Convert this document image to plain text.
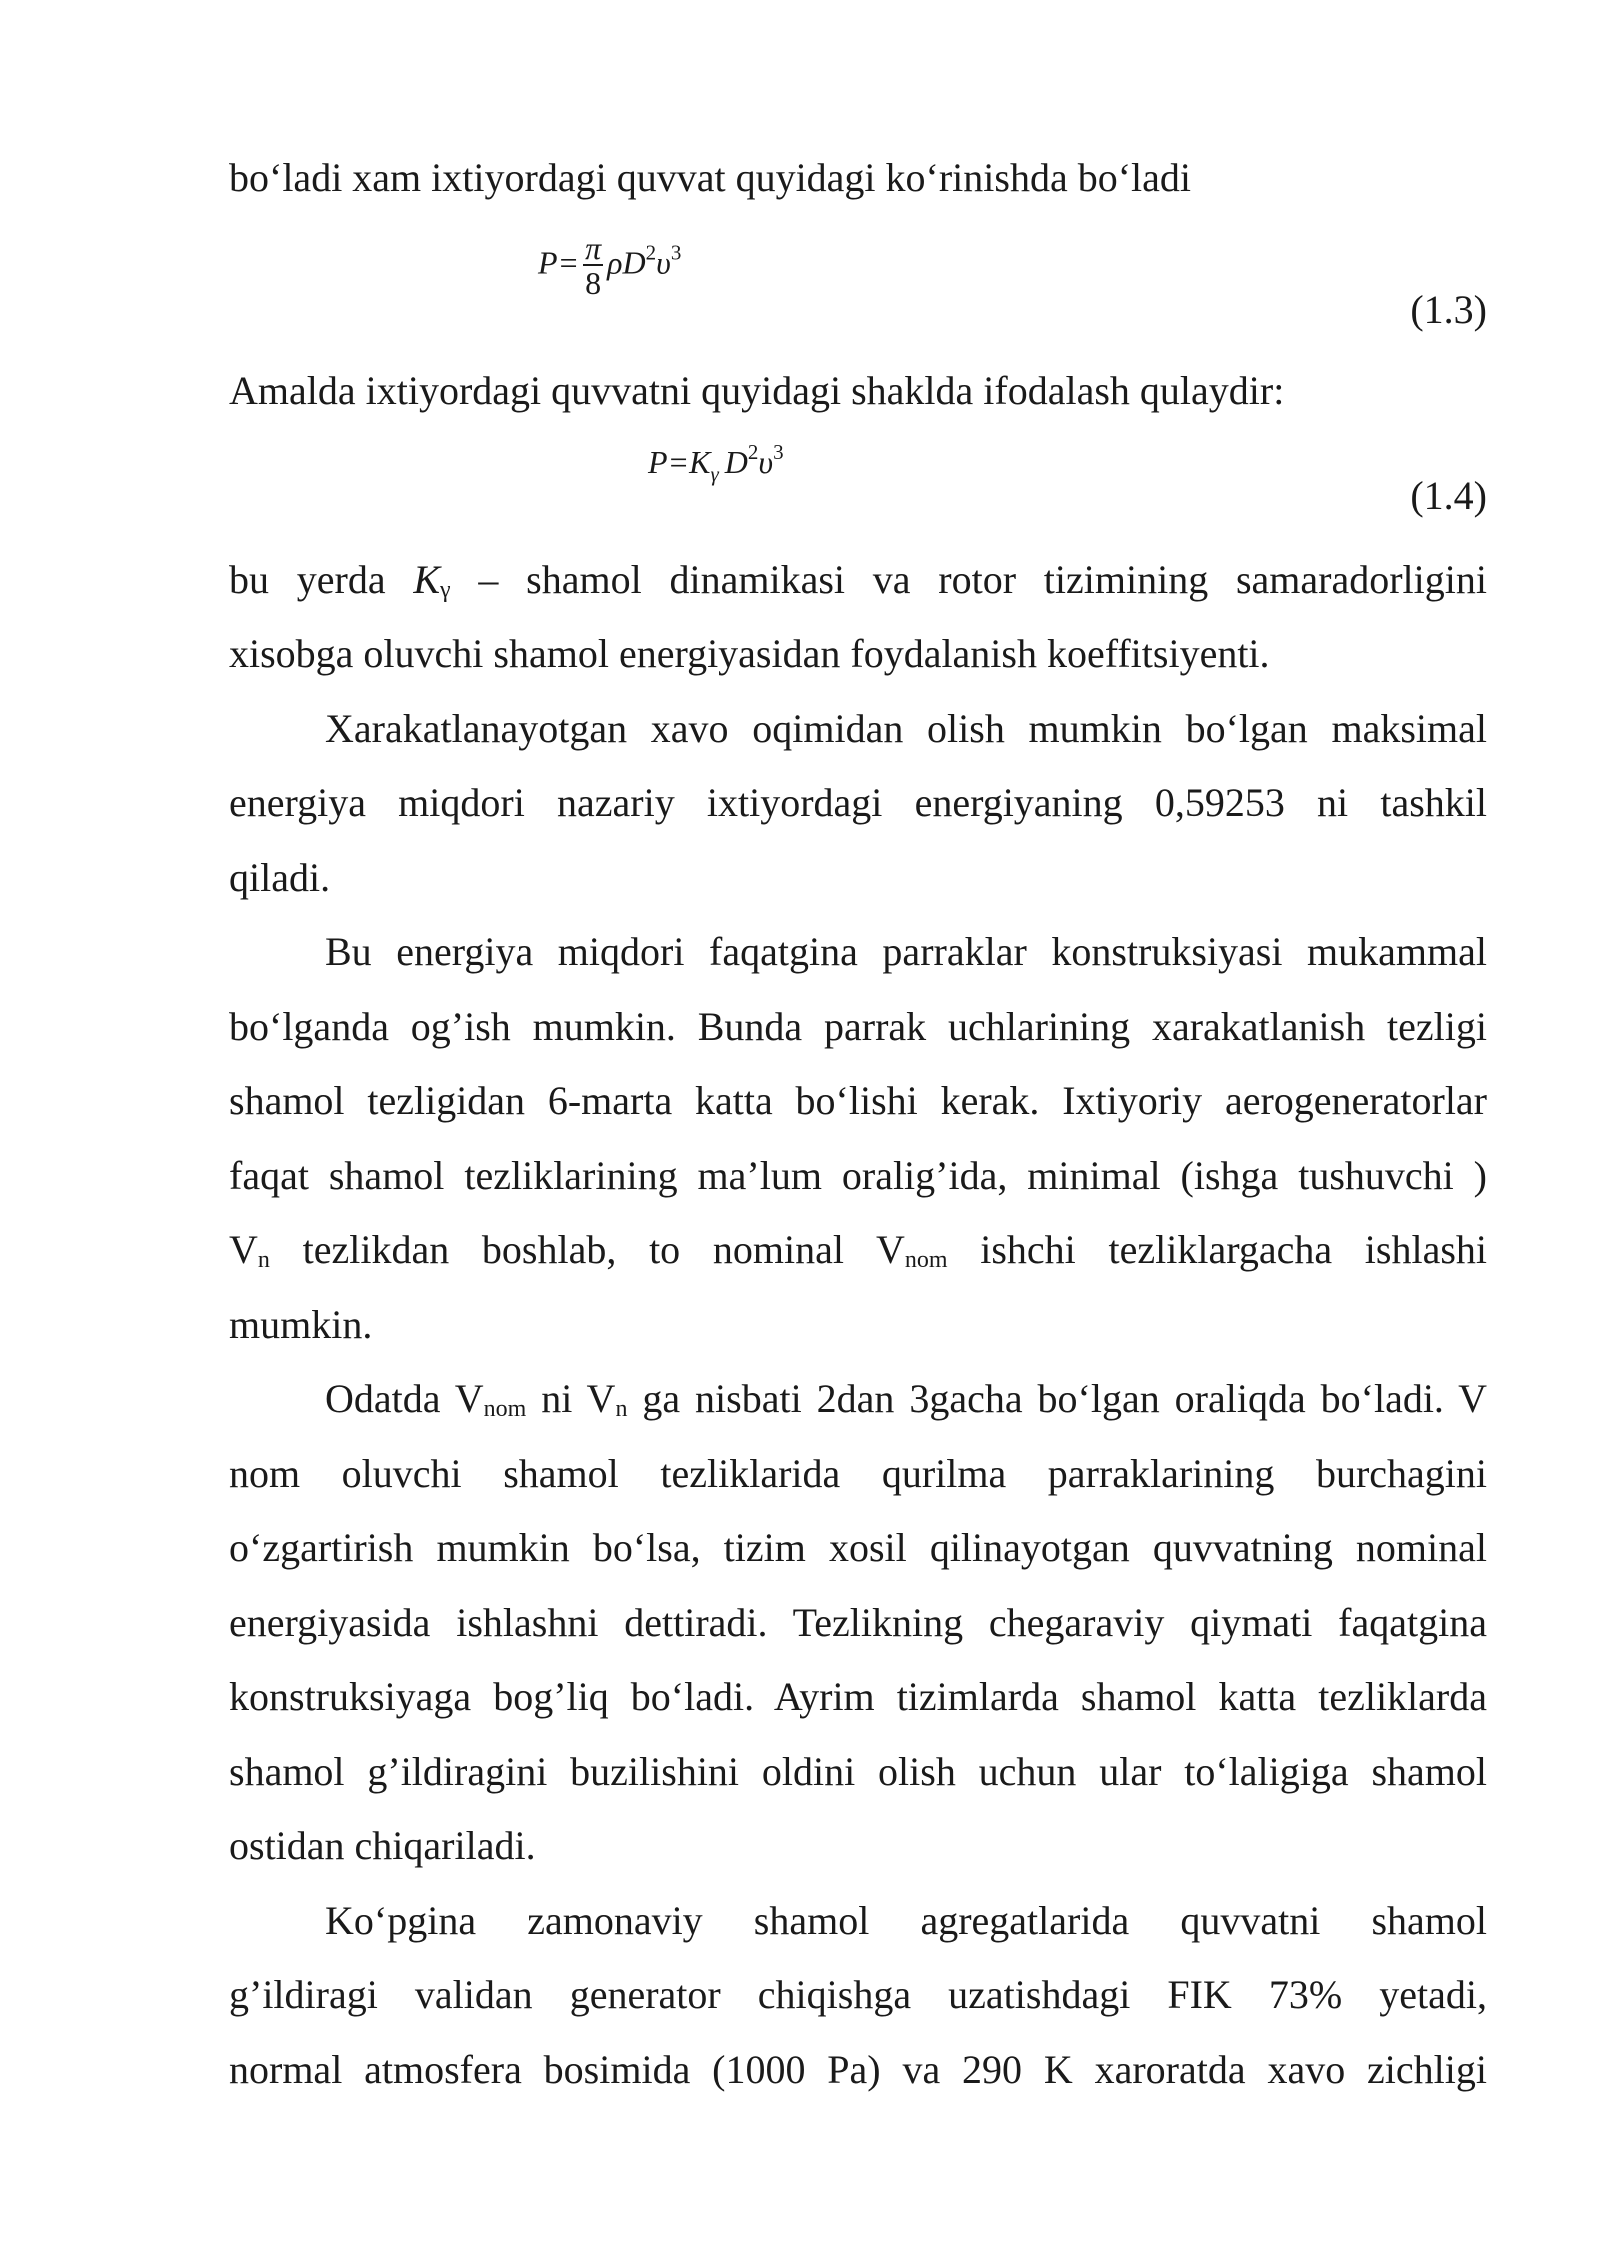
bo‘ladi xam ixtiyordagi quvvat quyidagi ko‘rinishda bo‘ladi
$P= \frac{\pi}{8} \rho D^2\upsilon^3$
(1.3)
Amalda ixtiyordagi quvvatni quyidagi shaklda ifodalash qulaydir:
$P=K_\gamma$ $D^2\upsilon^3$
(1.4)
bu yerda $K_\gamma$ – shamol dinamikasi va rotor tizimining samaradorligini
xisobga oluvchi shamol energiyasidan foydalanish koeffitsiyenti.
Xarakatlanayotgan xavo oqimidan olish mumkin bo‘lgan maksimal
energiya miqdori nazariy ixtiyordagi energiyaning 0,59253 ni tashkil
qiladi.
Bu energiya miqdori faqatgina parraklar konstruksiyasi mukammal
bo‘lganda og’ish mumkin. Bunda parrak uchlarining xarakatlanish tezligi
shamol tezligidan 6-marta katta bo‘lishi kerak. Ixtiyoriy aerogeneratorlar
faqat shamol tezliklarining ma’lum oralig’ida, minimal (ishga tushuvchi )
$V_n$ tezlikdan boshlab, to nominal $V_{nom}$ ishchi tezliklargacha ishlashi
mumkin.
Odatda $V_{nom}$ ni $V_n$ ga nisbati 2dan 3gacha bo‘lgan oraliqda bo‘ladi. V
nom oluvchi shamol tezliklarida qurilma parraklarining burchagini
o‘zgartirish mumkin bo‘lsa, tizim xosil qilinayotgan quvvatning nominal
energiyasida ishlashni dettiradi. Tezlikning chegaraviy qiymati faqatgina
konstruksiyaga bog’liq bo‘ladi. Ayrim tizimlarda shamol katta tezliklarda
shamol g’ildiragini buzilishini oldini olish uchun ular to‘laligiga shamol
ostidan chiqariladi.
Ko‘pgina zamonaviy shamol agregatlarida quvvatni shamol
g’ildiragi validan generator chiqishga uzatishdagi FIK 73% yetadi,
normal atmosfera bosimida (1000 Pa) va 290 K xaroratda xavo zichligi
